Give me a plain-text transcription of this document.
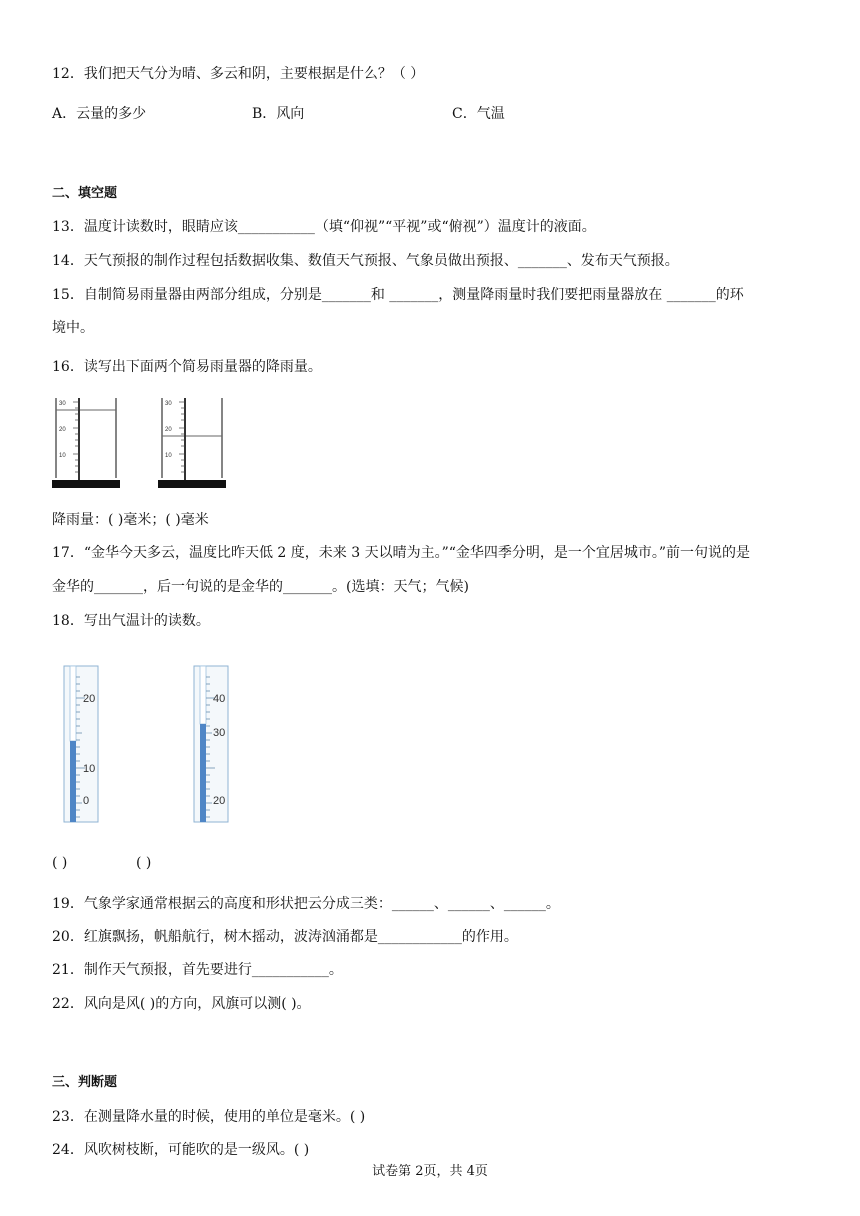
12．我们把天气分为晴、多云和阴，主要根据是什么？（ ）
A．云量的多少	B．风向	C．气温
二、填空题
13．温度计读数时，眼睛应该___________（填“仰视”“平视”或“俯视”）温度计的液面。
14．天气预报的制作过程包括数据收集、数值天气预报、气象员做出预报、_______、发布天气预报。
15．自制简易雨量器由两部分组成，分别是_______和 _______，测量降雨量时我们要把雨量器放在 _______的环
境中。
16．读写出下面两个简易雨量器的降雨量。
30
20
10
30
20
10
降雨量：( )毫米；( )毫米
17．“金华今天多云，温度比昨天低 2 度，未来 3 天以晴为主。”“金华四季分明，是一个宜居城市。”前一句说的是
金华的_______，后一句说的是金华的_______。(选填：天气；气候)
18．写出气温计的读数。
20
10
0
40
30
20
( )	( )
19．气象学家通常根据云的高度和形状把云分成三类：______、______、______。
20．红旗飘扬，帆船航行，树木摇动，波涛汹涌都是____________的作用。
21．制作天气预报，首先要进行___________。
22．风向是风( )的方向，风旗可以测( )。
三、判断题
23．在测量降水量的时候，使用的单位是毫米。( )
24．风吹树枝断，可能吹的是一级风。( )
试卷第 2页，共 4页
